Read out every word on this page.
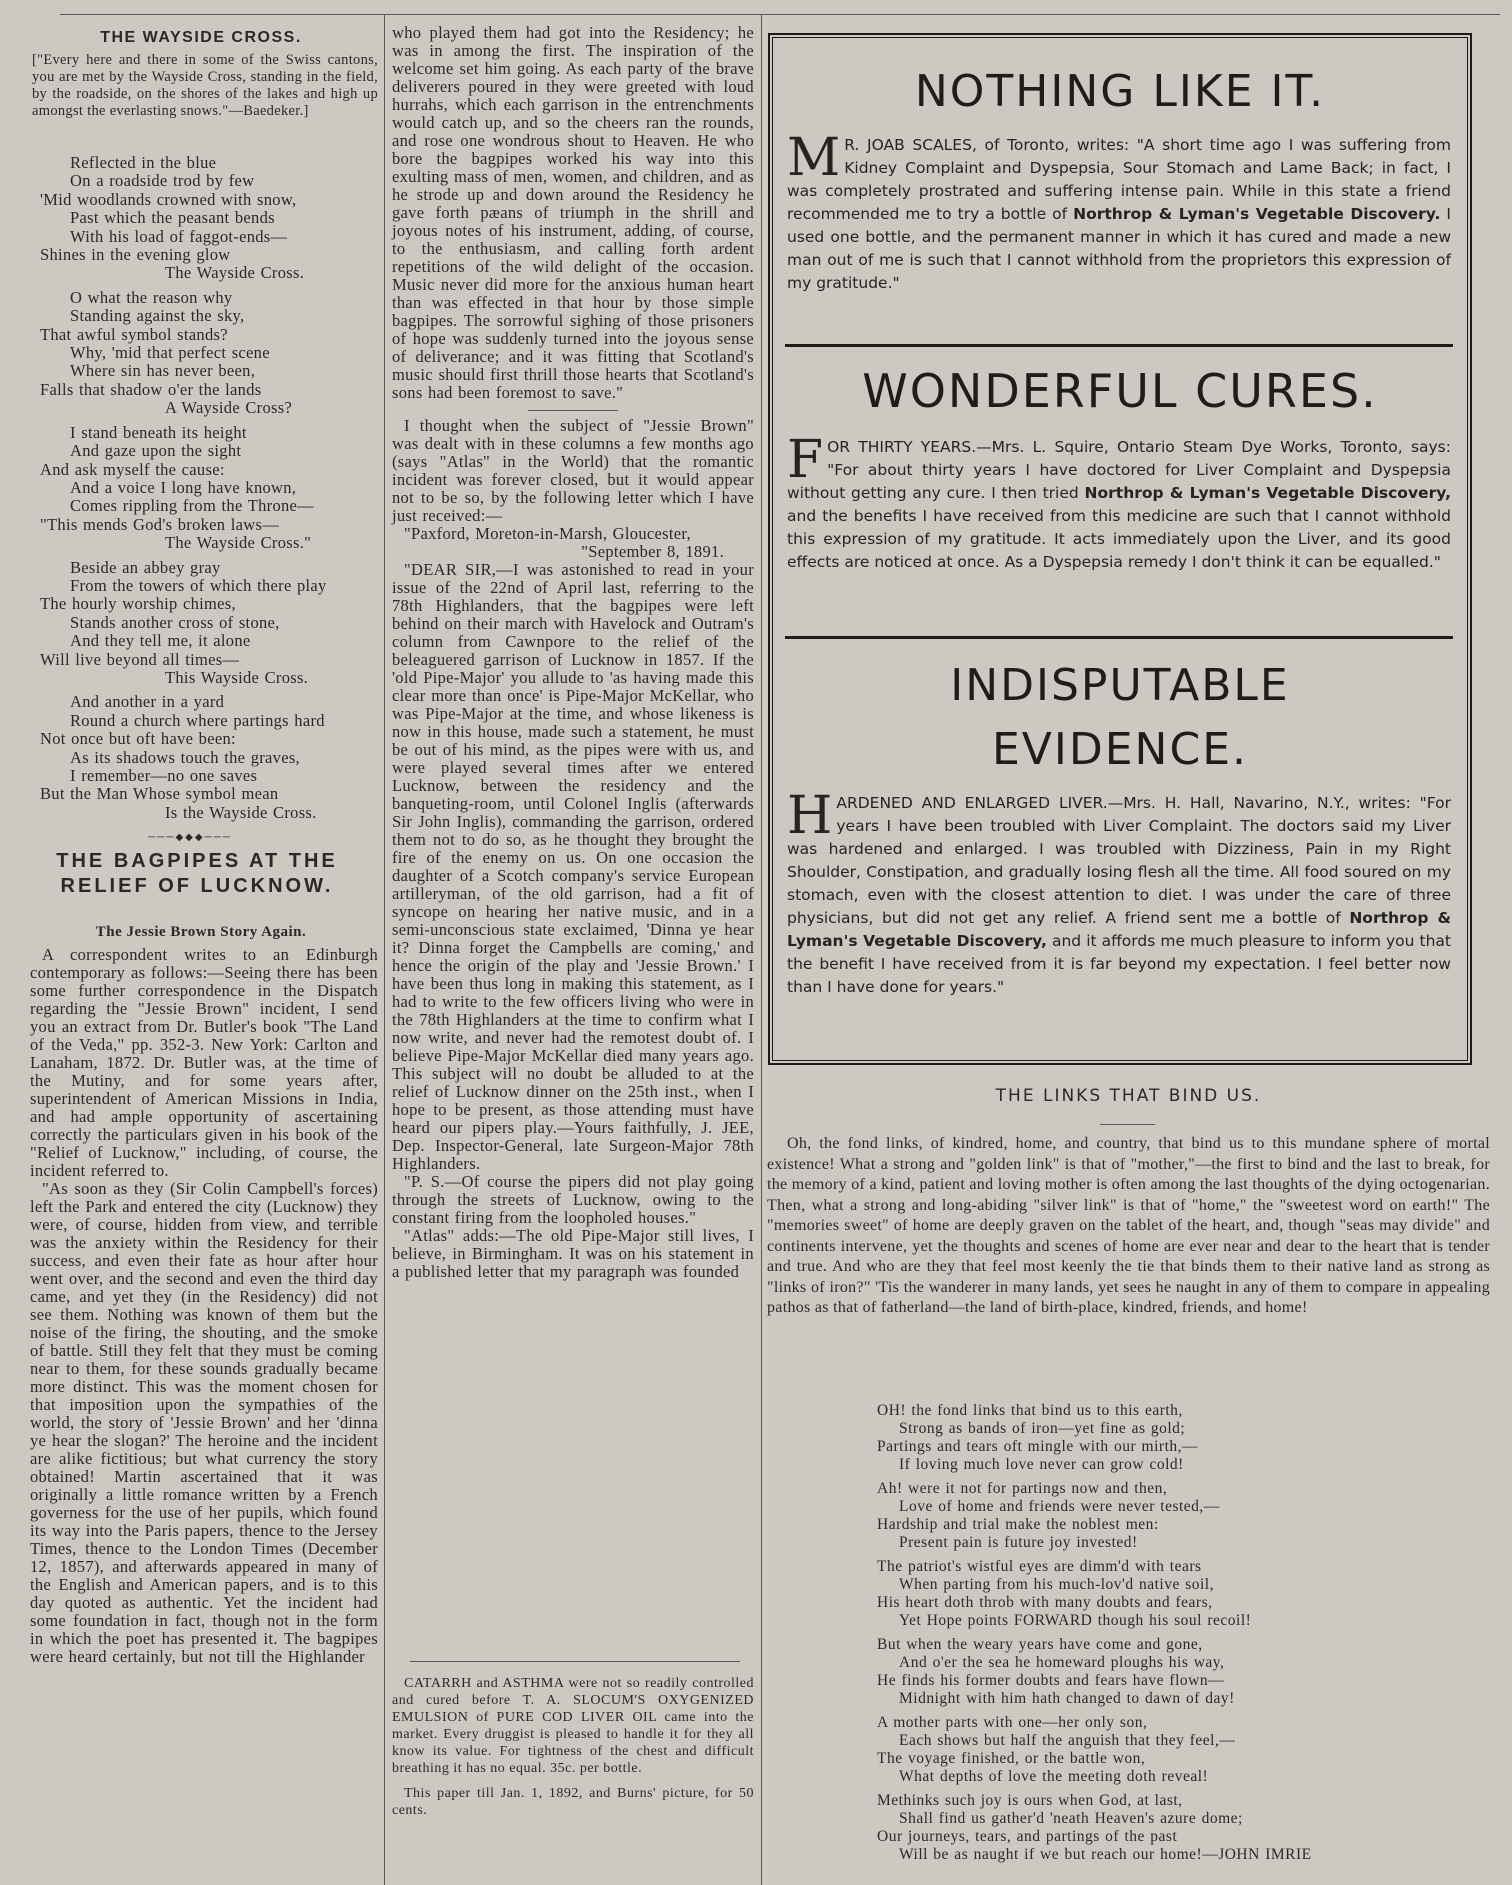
THE WAYSIDE CROSS.
["Every here and there in some of the Swiss cantons, you are met by the Wayside Cross, standing in the field, by the roadside, on the shores of the lakes and high up amongst the everlasting snows."—Baedeker.]
Reflected in the blue
On a roadside trod by few
'Mid woodlands crowned with snow,
Past which the peasant bends
With his load of faggot-ends—
Shines in the evening glow
The Wayside Cross.
O what the reason why
Standing against the sky,
That awful symbol stands?
Why, 'mid that perfect scene
Where sin has never been,
Falls that shadow o'er the lands
A Wayside Cross?
I stand beneath its height
And gaze upon the sight
And ask myself the cause:
And a voice I long have known,
Comes rippling from the Throne—
"This mends God's broken laws—
The Wayside Cross."
Beside an abbey gray
From the towers of which there play
The hourly worship chimes,
Stands another cross of stone,
And they tell me, it alone
Will live beyond all times—
This Wayside Cross.
And another in a yard
Round a church where partings hard
Not once but oft have been:
As its shadows touch the graves,
I remember—no one saves
But the Man Whose symbol mean
Is the Wayside Cross.
───◆◆◆───
THE BAGPIPES AT THE RELIEF OF LUCKNOW.
The Jessie Brown Story Again.

A correspondent writes to an Edinburgh contemporary as follows:—Seeing there has been some further correspondence in the Dispatch regarding the "Jessie Brown" incident, I send you an extract from Dr. Butler's book "The Land of the Veda," pp. 352-3. New York: Carlton and Lanaham, 1872. Dr. Butler was, at the time of the Mutiny, and for some years after, superintendent of American Missions in India, and had ample opportunity of ascertaining correctly the particulars given in his book of the "Relief of Lucknow," including, of course, the incident referred to.

"As soon as they (Sir Colin Campbell's forces) left the Park and entered the city (Lucknow) they were, of course, hidden from view, and terrible was the anxiety within the Residency for their success, and even their fate as hour after hour went over, and the second and even the third day came, and yet they (in the Residency) did not see them. Nothing was known of them but the noise of the firing, the shouting, and the smoke of battle. Still they felt that they must be coming near to them, for these sounds gradually became more distinct. This was the moment chosen for that imposition upon the sympathies of the world, the story of 'Jessie Brown' and her 'dinna ye hear the slogan?' The heroine and the incident are alike fictitious; but what currency the story obtained! Martin ascertained that it was originally a little romance written by a French governess for the use of her pupils, which found its way into the Paris papers, thence to the Jersey Times, thence to the London Times (December 12, 1857), and afterwards appeared in many of the English and American papers, and is to this day quoted as authentic. Yet the incident had some foundation in fact, though not in the form in which the poet has presented it. The bagpipes were heard certainly, but not till the Highlander

who played them had got into the Residency; he was in among the first. The inspiration of the welcome set him going. As each party of the brave deliverers poured in they were greeted with loud hurrahs, which each garrison in the entrenchments would catch up, and so the cheers ran the rounds, and rose one wondrous shout to Heaven. He who bore the bagpipes worked his way into this exulting mass of men, women, and children, and as he strode up and down around the Residency he gave forth pæans of triumph in the shrill and joyous notes of his instrument, adding, of course, to the enthusiasm, and calling forth ardent repetitions of the wild delight of the occasion. Music never did more for the anxious human heart than was effected in that hour by those simple bagpipes. The sorrowful sighing of those prisoners of hope was suddenly turned into the joyous sense of deliverance; and it was fitting that Scotland's music should first thrill those hearts that Scotland's sons had been foremost to save."

I thought when the subject of "Jessie Brown" was dealt with in these columns a few months ago (says "Atlas" in the World) that the romantic incident was forever closed, but it would appear not to be so, by the following letter which I have just received:—

"Paxford, Moreton-in-Marsh, Gloucester,

"September 8, 1891.

"DEAR SIR,—I was astonished to read in your issue of the 22nd of April last, referring to the 78th Highlanders, that the bagpipes were left behind on their march with Havelock and Outram's column from Cawnpore to the relief of the beleaguered garrison of Lucknow in 1857. If the 'old Pipe-Major' you allude to 'as having made this clear more than once' is Pipe-Major McKellar, who was Pipe-Major at the time, and whose likeness is now in this house, made such a statement, he must be out of his mind, as the pipes were with us, and were played several times after we entered Lucknow, between the residency and the banqueting-room, until Colonel Inglis (afterwards Sir John Inglis), commanding the garrison, ordered them not to do so, as he thought they brought the fire of the enemy on us. On one occasion the daughter of a Scotch company's service European artilleryman, of the old garrison, had a fit of syncope on hearing her native music, and in a semi-unconscious state exclaimed, 'Dinna ye hear it? Dinna forget the Campbells are coming,' and hence the origin of the play and 'Jessie Brown.' I have been thus long in making this statement, as I had to write to the few officers living who were in the 78th Highlanders at the time to confirm what I now write, and never had the remotest doubt of. I believe Pipe-Major McKellar died many years ago. This subject will no doubt be alluded to at the relief of Lucknow dinner on the 25th inst., when I hope to be present, as those attending must have heard our pipers play.—Yours faithfully, J. JEE, Dep. Inspector-General, late Surgeon-Major 78th Highlanders.

"P. S.—Of course the pipers did not play going through the streets of Lucknow, owing to the constant firing from the loopholed houses."

"Atlas" adds:—The old Pipe-Major still lives, I believe, in Birmingham. It was on his statement in a published letter that my paragraph was founded

CATARRH and ASTHMA were not so readily controlled and cured before T. A. SLOCUM'S OXYGENIZED EMULSION of PURE COD LIVER OIL came into the market. Every druggist is pleased to handle it for they all know its value. For tightness of the chest and difficult breathing it has no equal. 35c. per bottle.

This paper till Jan. 1, 1892, and Burns' picture, for 50 cents.

NOTHING LIKE IT.
M R. JOAB SCALES, of Toronto, writes: "A short time ago I was suffering from Kidney Complaint and Dyspepsia, Sour Stomach and Lame Back; in fact, I was completely prostrated and suffering intense pain. While in this state a friend recommended me to try a bottle of Northrop & Lyman's Vegetable Discovery. I used one bottle, and the permanent manner in which it has cured and made a new man out of me is such that I cannot withhold from the proprietors this expression of my gratitude."
WONDERFUL CURES.
FOR THIRTY YEARS.—Mrs. L. Squire, Ontario Steam Dye Works, Toronto, says: "For about thirty years I have doctored for Liver Complaint and Dyspepsia without getting any cure. I then tried Northrop & Lyman's Vegetable Discovery, and the benefits I have received from this medicine are such that I cannot withhold this expression of my gratitude. It acts immediately upon the Liver, and its good effects are noticed at once. As a Dyspepsia remedy I don't think it can be equalled."
INDISPUTABLE
EVIDENCE.
HARDENED AND ENLARGED LIVER.—Mrs. H. Hall, Navarino, N.Y., writes: "For years I have been troubled with Liver Complaint. The doctors said my Liver was hardened and enlarged. I was troubled with Dizziness, Pain in my Right Shoulder, Constipation, and gradually losing flesh all the time. All food soured on my stomach, even with the closest attention to diet. I was under the care of three physicians, but did not get any relief. A friend sent me a bottle of Northrop & Lyman's Vegetable Discovery, and it affords me much pleasure to inform you that the benefit I have received from it is far beyond my expectation. I feel better now than I have done for years."
THE LINKS THAT BIND US.

Oh, the fond links, of kindred, home, and country, that bind us to this mundane sphere of mortal existence! What a strong and "golden link" is that of "mother,"—the first to bind and the last to break, for the memory of a kind, patient and loving mother is often among the last thoughts of the dying octogenarian. Then, what a strong and long-abiding "silver link" is that of "home," the "sweetest word on earth!" The "memories sweet" of home are deeply graven on the tablet of the heart, and, though "seas may divide" and continents intervene, yet the thoughts and scenes of home are ever near and dear to the heart that is tender and true. And who are they that feel most keenly the tie that binds them to their native land as strong as "links of iron?" 'Tis the wanderer in many lands, yet sees he naught in any of them to compare in appealing pathos as that of fatherland—the land of birth-place, kindred, friends, and home!

OH! the fond links that bind us to this earth,
Strong as bands of iron—yet fine as gold;
Partings and tears oft mingle with our mirth,—
If loving much love never can grow cold!
Ah! were it not for partings now and then,
Love of home and friends were never tested,—
Hardship and trial make the noblest men:
Present pain is future joy invested!
The patriot's wistful eyes are dimm'd with tears
When parting from his much-lov'd native soil,
His heart doth throb with many doubts and fears,
Yet Hope points FORWARD though his soul recoil!
But when the weary years have come and gone,
And o'er the sea he homeward ploughs his way,
He finds his former doubts and fears have flown—
Midnight with him hath changed to dawn of day!
A mother parts with one—her only son,
Each shows but half the anguish that they feel,—
The voyage finished, or the battle won,
What depths of love the meeting doth reveal!
Methinks such joy is ours when God, at last,
Shall find us gather'd 'neath Heaven's azure dome;
Our journeys, tears, and partings of the past
Will be as naught if we but reach our home!—JOHN IMRIE
